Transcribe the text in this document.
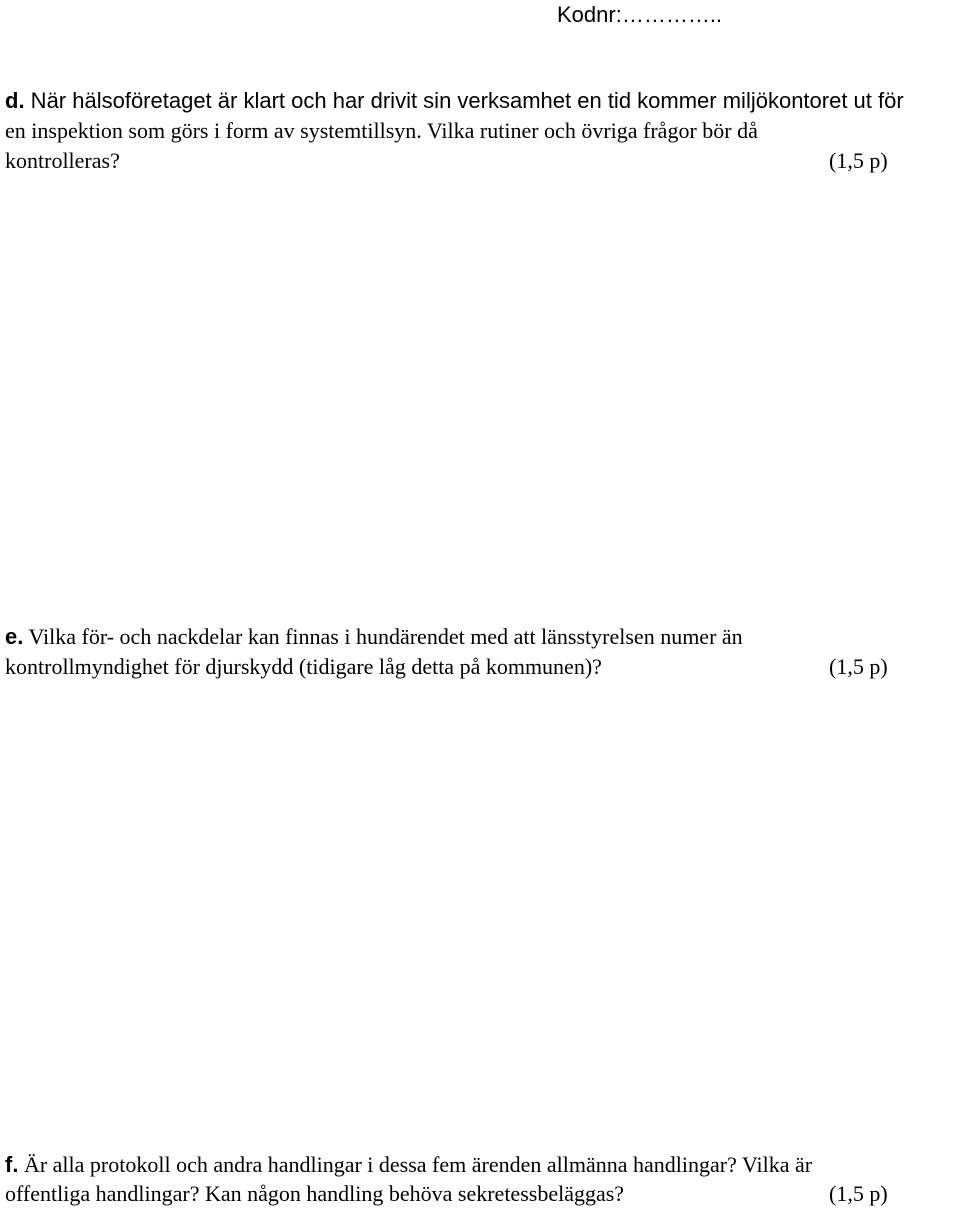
Kodnr:…………..
d. När hälsoföretaget är klart och har drivit sin verksamhet en tid kommer miljökontoret ut för
en inspektion som görs i form av systemtillsyn. Vilka rutiner och övriga frågor bör då
kontrolleras?	(1,5 p)
e. Vilka för- och nackdelar kan finnas i hundärendet med att länsstyrelsen numer än
kontrollmyndighet för djurskydd (tidigare låg detta på kommunen)?	(1,5 p)
f. Är alla protokoll och andra handlingar i dessa fem ärenden allmänna handlingar? Vilka är
offentliga handlingar? Kan någon handling behöva sekretessbeläggas?	(1,5 p)
